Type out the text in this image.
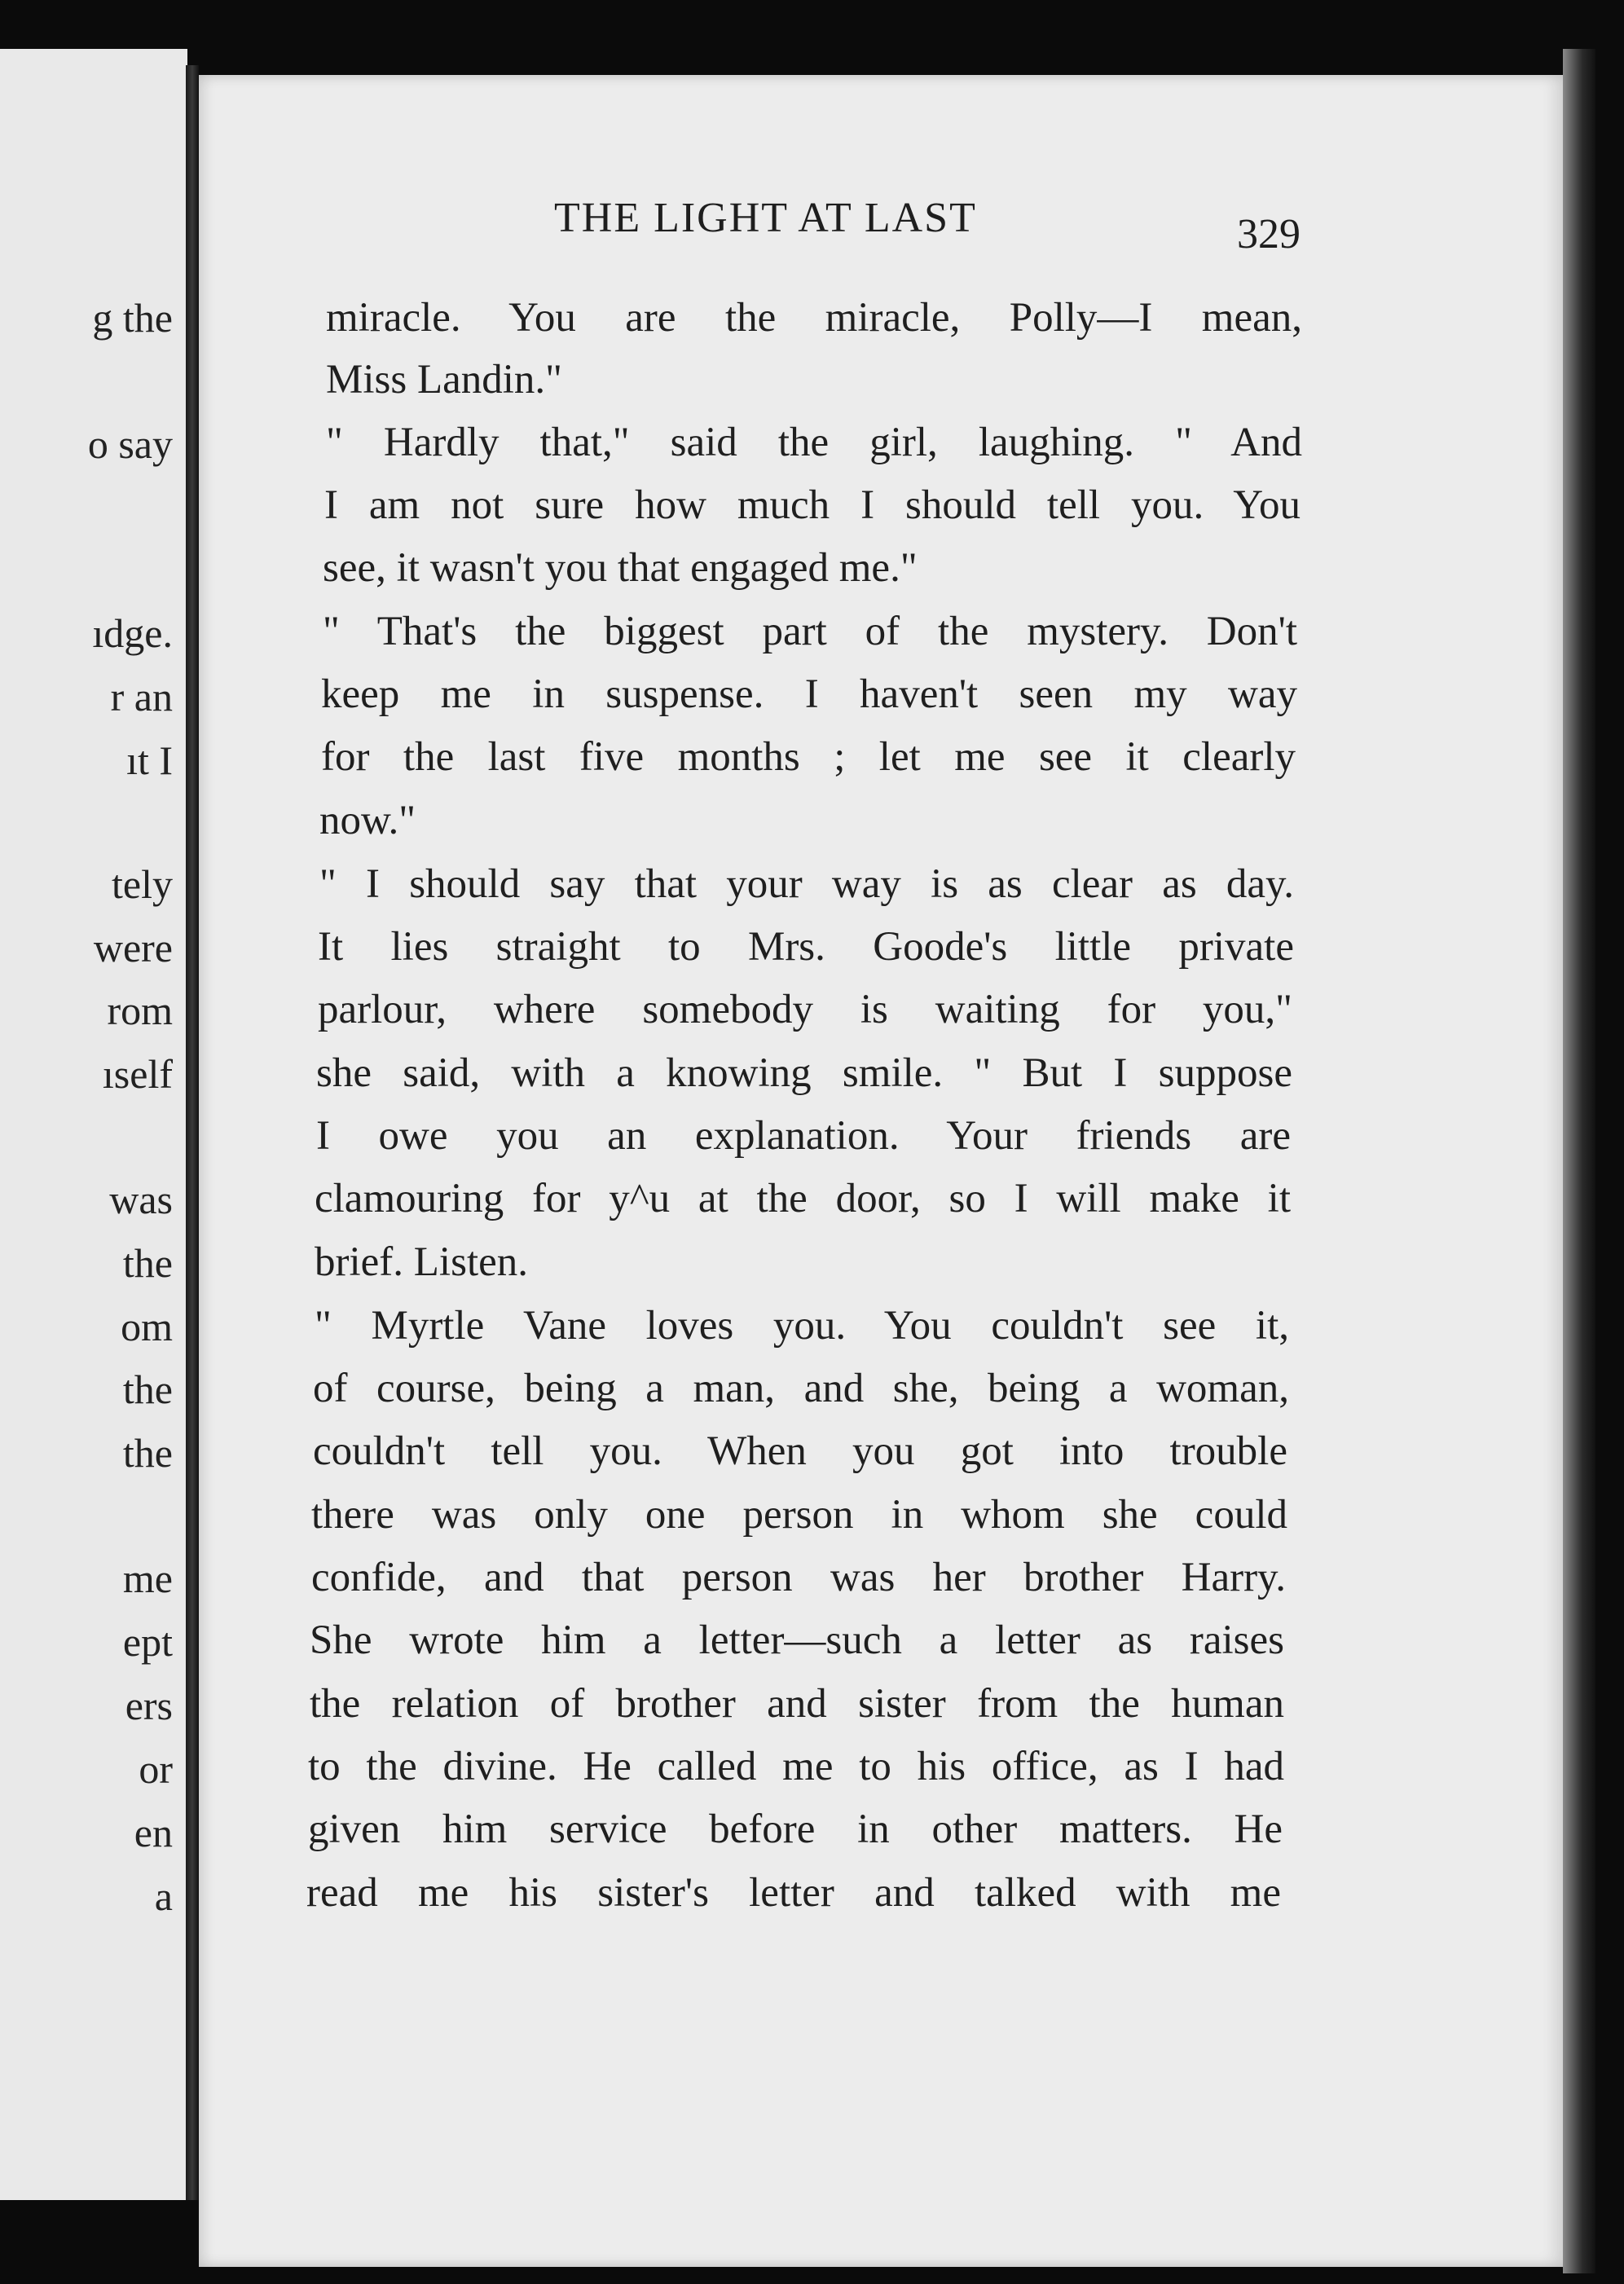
g the
o say
ıdge.
r an
ıt I
tely
were
rom
ıself
was
the
om
the
the
me
ept
ers
or
en
a
THE LIGHT AT LAST	329
miracle. You are the miracle, Polly—I mean,
Miss Landin."
" Hardly that," said the girl, laughing. " And
I am not sure how much I should tell you. You
see, it wasn't you that engaged me."
" That's the biggest part of the mystery. Don't
keep me in suspense. I haven't seen my way
for the last five months ; let me see it clearly
now."
" I should say that your way is as clear as day.
It lies straight to Mrs. Goode's little private
parlour, where somebody is waiting for you,"
she said, with a knowing smile. " But I suppose
I owe you an explanation. Your friends are
clamouring for y^u at the door, so I will make it
brief. Listen.
" Myrtle Vane loves you. You couldn't see it,
of course, being a man, and she, being a woman,
couldn't tell you. When you got into trouble
there was only one person in whom she could
confide, and that person was her brother Harry.
She wrote him a letter—such a letter as raises
the relation of brother and sister from the human
to the divine. He called me to his office, as I had
given him service before in other matters. He
read me his sister's letter and talked with me
